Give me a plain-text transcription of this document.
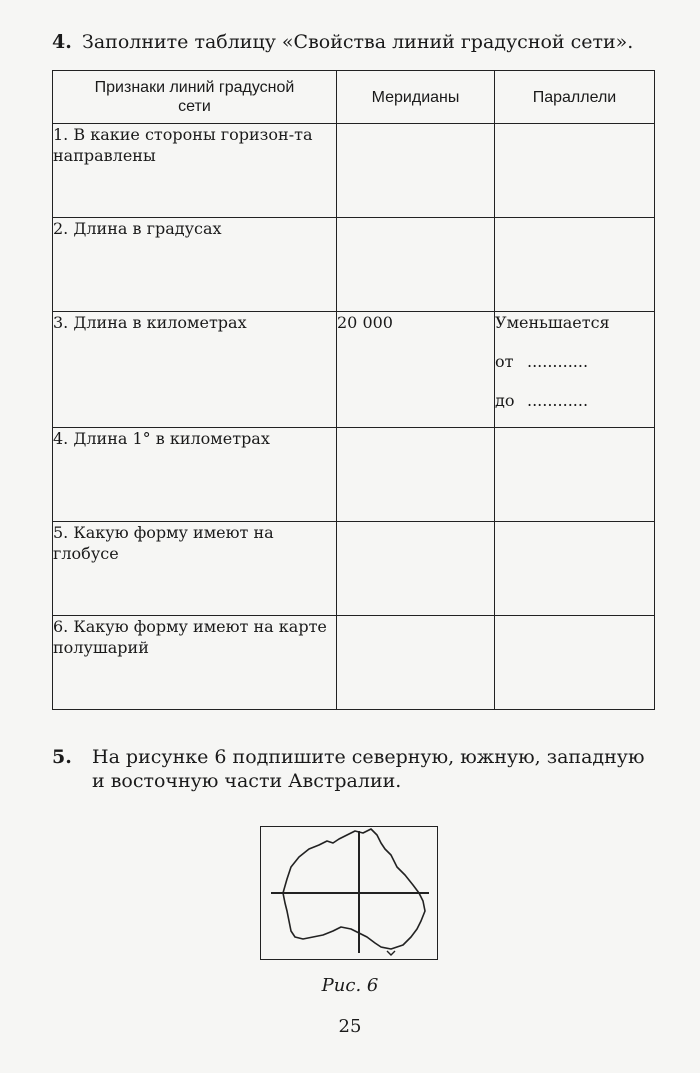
4. Заполните таблицу «Свойства линий градусной сети».
Признаки линий градусной сети	Меридианы	Параллели
1. В какие стороны горизон-та направлены		
2. Длина в градусах		
3. Длина в километрах	20 000	Уменьшается
от ............
до ............

4. Длина 1° в километрах		
5. Какую форму имеют на глобусе		
6. Какую форму имеют на карте полушарий		
5. На рисунке 6 подпишите северную, южную, западную и восточную части Австралии.
Рис. 6
25
